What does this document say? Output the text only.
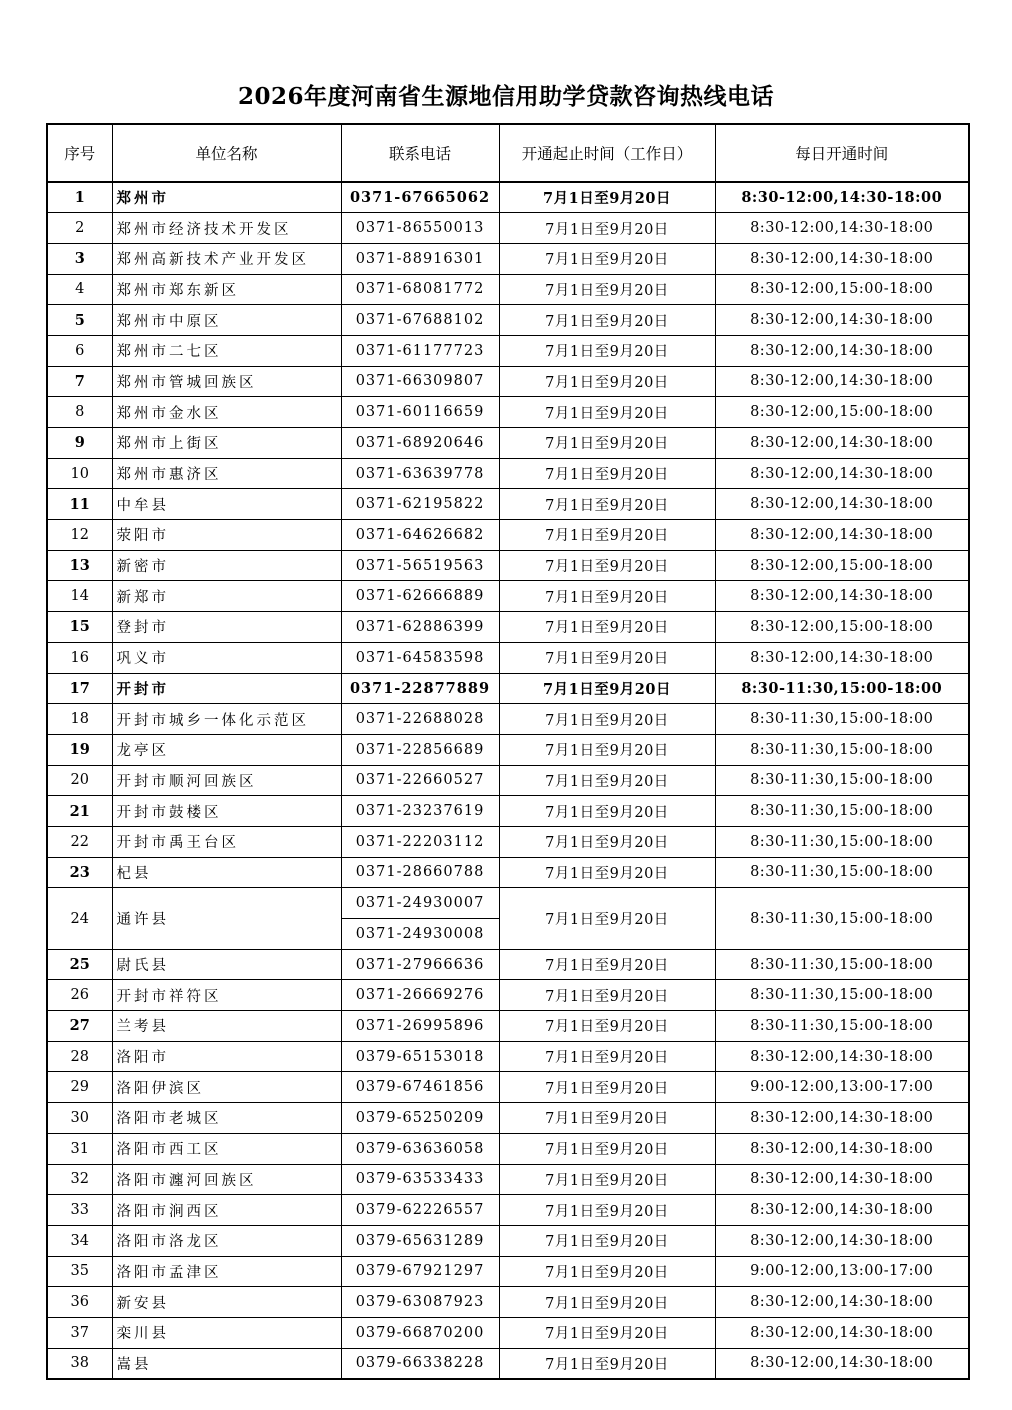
2026年度河南省生源地信用助学贷款咨询热线电话
序号	单位名称	联系电话	开通起止时间（工作日）	每日开通时间
1	郑州市	0371-67665062	7月1日至9月20日	8:30-12:00,14:30-18:00
2	郑州市经济技术开发区	0371-86550013	7月1日至9月20日	8:30-12:00,14:30-18:00
3	郑州高新技术产业开发区	0371-88916301	7月1日至9月20日	8:30-12:00,14:30-18:00
4	郑州市郑东新区	0371-68081772	7月1日至9月20日	8:30-12:00,15:00-18:00
5	郑州市中原区	0371-67688102	7月1日至9月20日	8:30-12:00,14:30-18:00
6	郑州市二七区	0371-61177723	7月1日至9月20日	8:30-12:00,14:30-18:00
7	郑州市管城回族区	0371-66309807	7月1日至9月20日	8:30-12:00,14:30-18:00
8	郑州市金水区	0371-60116659	7月1日至9月20日	8:30-12:00,15:00-18:00
9	郑州市上街区	0371-68920646	7月1日至9月20日	8:30-12:00,14:30-18:00
10	郑州市惠济区	0371-63639778	7月1日至9月20日	8:30-12:00,14:30-18:00
11	中牟县	0371-62195822	7月1日至9月20日	8:30-12:00,14:30-18:00
12	荥阳市	0371-64626682	7月1日至9月20日	8:30-12:00,14:30-18:00
13	新密市	0371-56519563	7月1日至9月20日	8:30-12:00,15:00-18:00
14	新郑市	0371-62666889	7月1日至9月20日	8:30-12:00,14:30-18:00
15	登封市	0371-62886399	7月1日至9月20日	8:30-12:00,15:00-18:00
16	巩义市	0371-64583598	7月1日至9月20日	8:30-12:00,14:30-18:00
17	开封市	0371-22877889	7月1日至9月20日	8:30-11:30,15:00-18:00
18	开封市城乡一体化示范区	0371-22688028	7月1日至9月20日	8:30-11:30,15:00-18:00
19	龙亭区	0371-22856689	7月1日至9月20日	8:30-11:30,15:00-18:00
20	开封市顺河回族区	0371-22660527	7月1日至9月20日	8:30-11:30,15:00-18:00
21	开封市鼓楼区	0371-23237619	7月1日至9月20日	8:30-11:30,15:00-18:00
22	开封市禹王台区	0371-22203112	7月1日至9月20日	8:30-11:30,15:00-18:00
23	杞县	0371-28660788	7月1日至9月20日	8:30-11:30,15:00-18:00
24	通许县	0371-24930007	7月1日至9月20日	8:30-11:30,15:00-18:00
		0371-24930008		
25	尉氏县	0371-27966636	7月1日至9月20日	8:30-11:30,15:00-18:00
26	开封市祥符区	0371-26669276	7月1日至9月20日	8:30-11:30,15:00-18:00
27	兰考县	0371-26995896	7月1日至9月20日	8:30-11:30,15:00-18:00
28	洛阳市	0379-65153018	7月1日至9月20日	8:30-12:00,14:30-18:00
29	洛阳伊滨区	0379-67461856	7月1日至9月20日	9:00-12:00,13:00-17:00
30	洛阳市老城区	0379-65250209	7月1日至9月20日	8:30-12:00,14:30-18:00
31	洛阳市西工区	0379-63636058	7月1日至9月20日	8:30-12:00,14:30-18:00
32	洛阳市瀍河回族区	0379-63533433	7月1日至9月20日	8:30-12:00,14:30-18:00
33	洛阳市涧西区	0379-62226557	7月1日至9月20日	8:30-12:00,14:30-18:00
34	洛阳市洛龙区	0379-65631289	7月1日至9月20日	8:30-12:00,14:30-18:00
35	洛阳市孟津区	0379-67921297	7月1日至9月20日	9:00-12:00,13:00-17:00
36	新安县	0379-63087923	7月1日至9月20日	8:30-12:00,14:30-18:00
37	栾川县	0379-66870200	7月1日至9月20日	8:30-12:00,14:30-18:00
38	嵩县	0379-66338228	7月1日至9月20日	8:30-12:00,14:30-18:00
